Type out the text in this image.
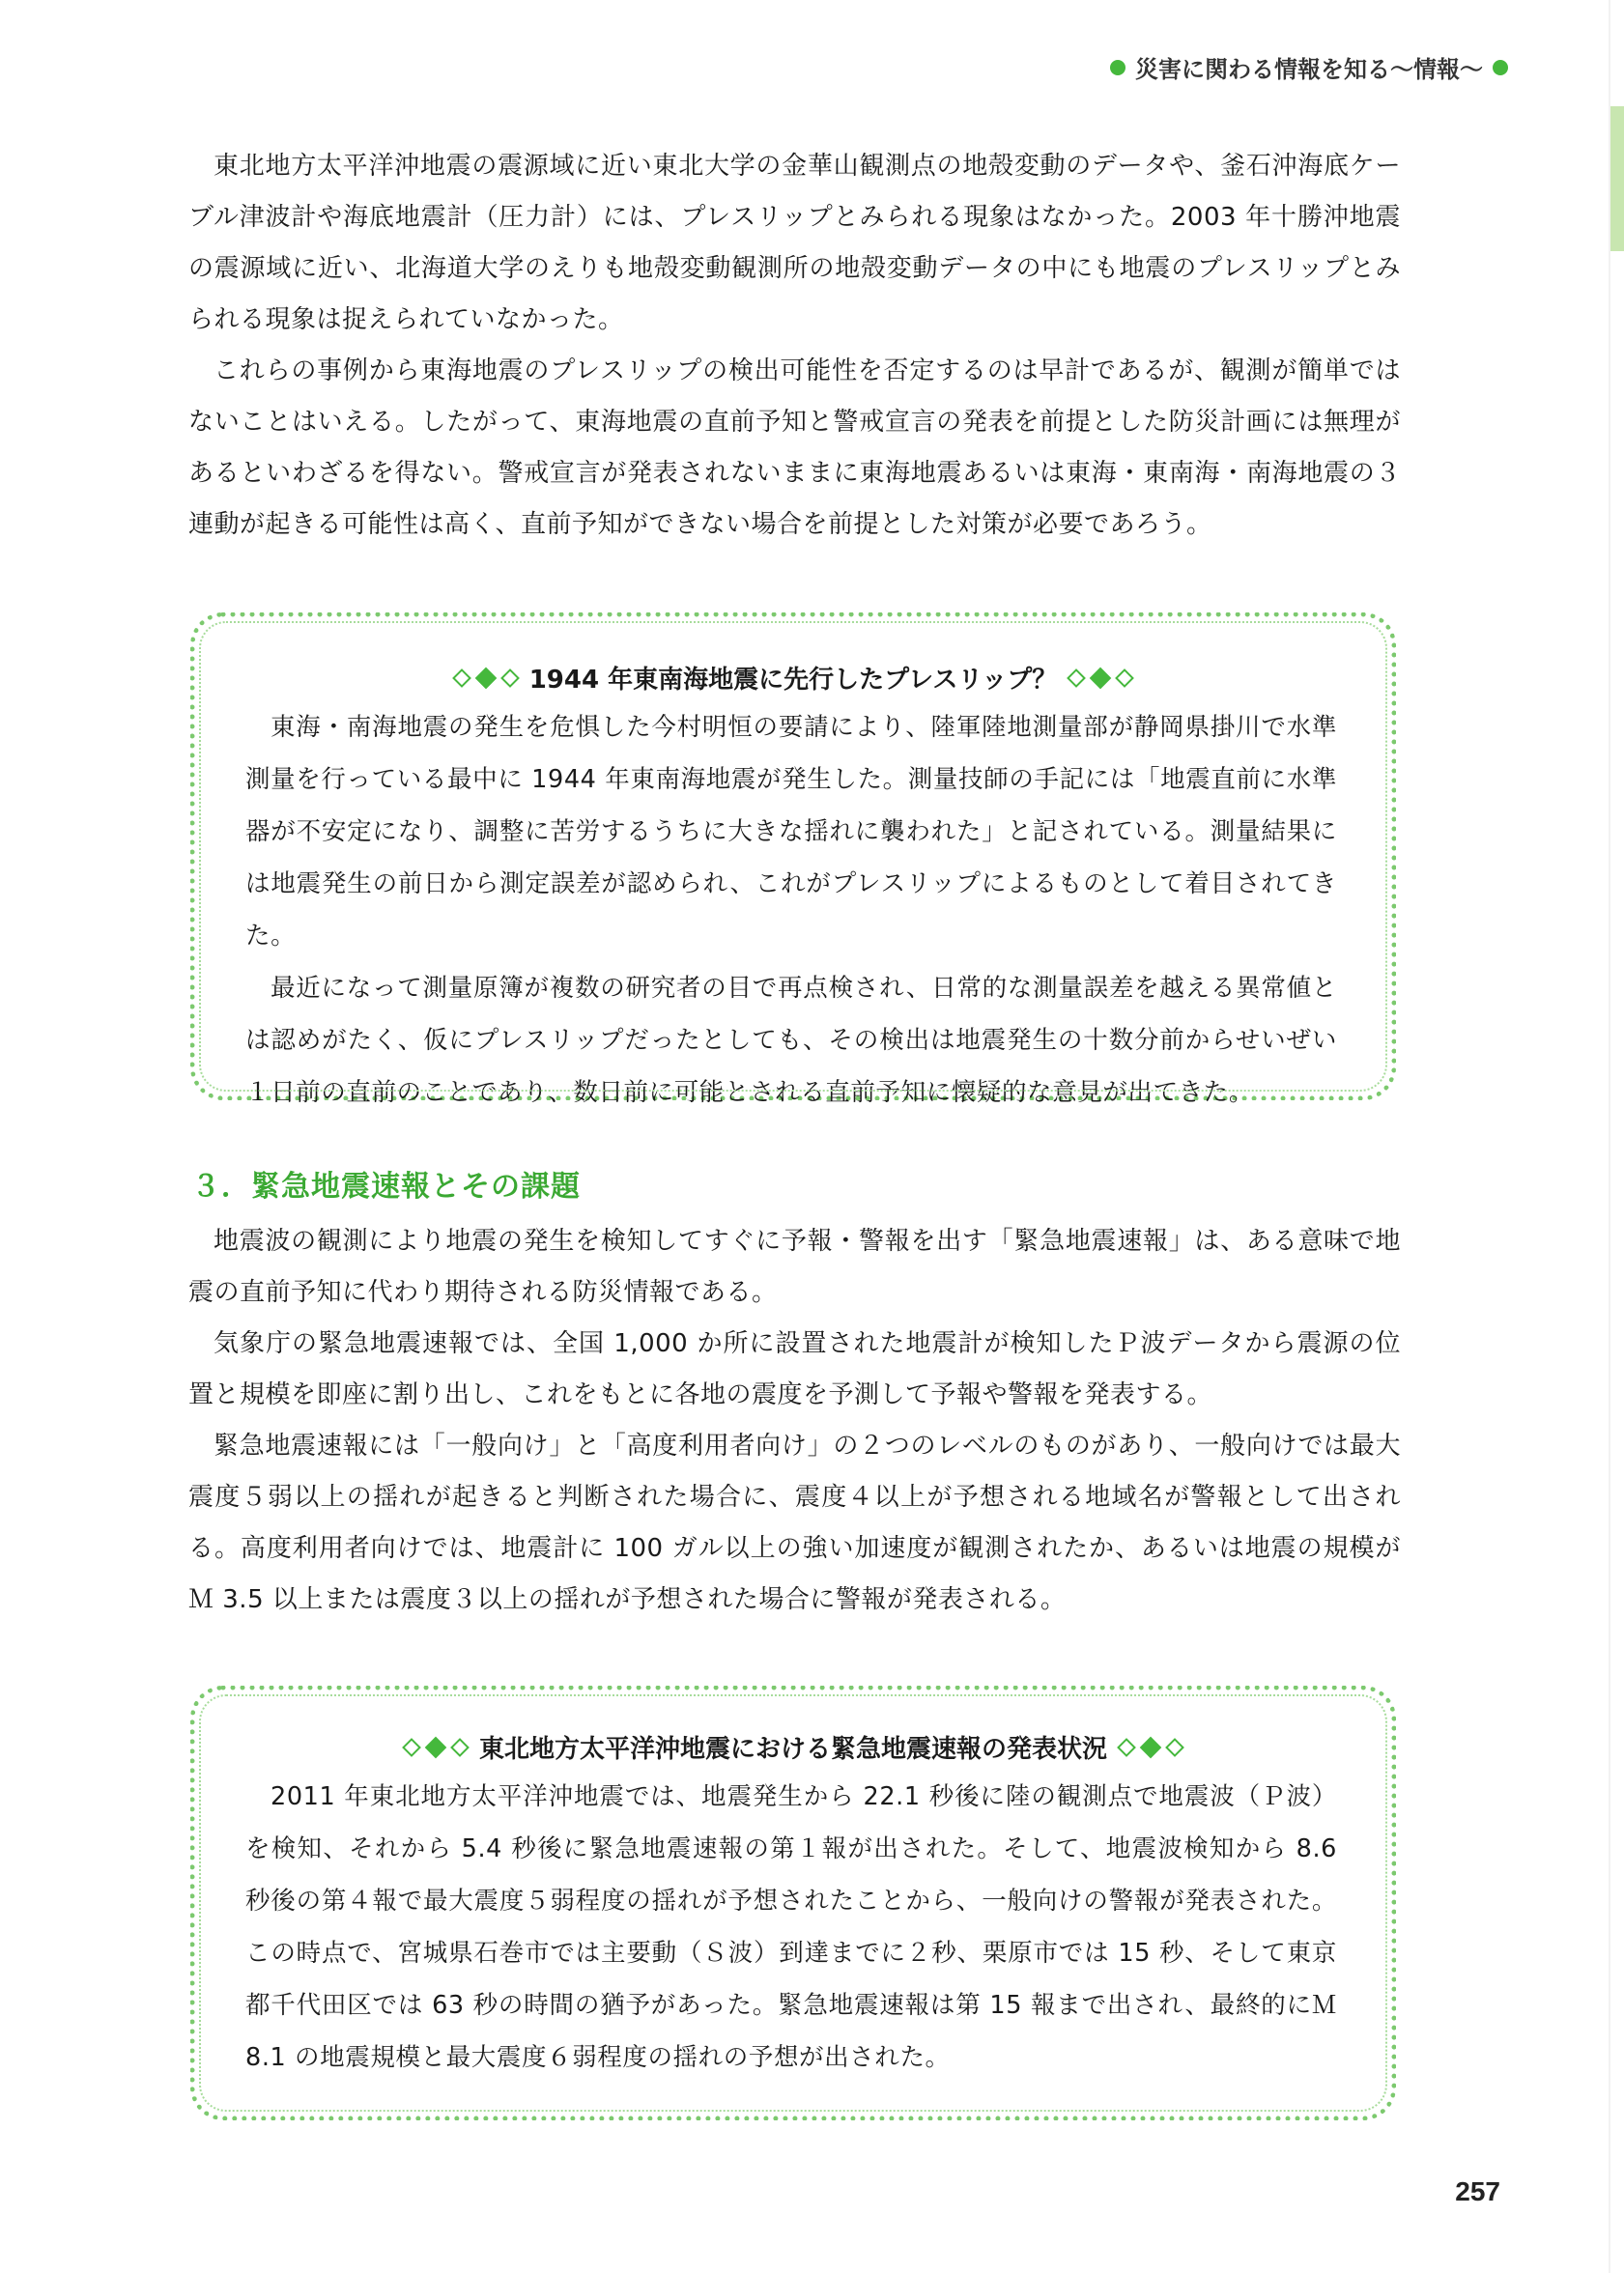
災害に関わる情報を知る〜情報〜

東北地方太平洋沖地震の震源域に近い東北大学の金華山観測点の地殻変動のデータや、釜石沖海底ケーブル津波計や海底地震計（圧力計）には、プレスリップとみられる現象はなかった。2003 年十勝沖地震の震源域に近い、北海道大学のえりも地殻変動観測所の地殻変動データの中にも地震のプレスリップとみられる現象は捉えられていなかった。

これらの事例から東海地震のプレスリップの検出可能性を否定するのは早計であるが、観測が簡単ではないことはいえる。したがって、東海地震の直前予知と警戒宣言の発表を前提とした防災計画には無理があるといわざるを得ない。警戒宣言が発表されないままに東海地震あるいは東海・東南海・南海地震の３連動が起きる可能性は高く、直前予知ができない場合を前提とした対策が必要であろう。

1944 年東南海地震に先行したプレスリップ？

東海・南海地震の発生を危惧した今村明恒の要請により、陸軍陸地測量部が静岡県掛川で水準測量を行っている最中に 1944 年東南海地震が発生した。測量技師の手記には「地震直前に水準器が不安定になり、調整に苦労するうちに大きな揺れに襲われた」と記されている。測量結果には地震発生の前日から測定誤差が認められ、これがプレスリップによるものとして着目されてきた。

最近になって測量原簿が複数の研究者の目で再点検され、日常的な測量誤差を越える異常値とは認めがたく、仮にプレスリップだったとしても、その検出は地震発生の十数分前からせいぜい１日前の直前のことであり、数日前に可能とされる直前予知に懐疑的な意見が出てきた。

３．緊急地震速報とその課題

地震波の観測により地震の発生を検知してすぐに予報・警報を出す「緊急地震速報」は、ある意味で地震の直前予知に代わり期待される防災情報である。

気象庁の緊急地震速報では、全国 1,000 か所に設置された地震計が検知したＰ波データから震源の位置と規模を即座に割り出し、これをもとに各地の震度を予測して予報や警報を発表する。

緊急地震速報には「一般向け」と「高度利用者向け」の２つのレベルのものがあり、一般向けでは最大震度５弱以上の揺れが起きると判断された場合に、震度４以上が予想される地域名が警報として出される。高度利用者向けでは、地震計に 100 ガル以上の強い加速度が観測されたか、あるいは地震の規模がＭ 3.5 以上または震度３以上の揺れが予想された場合に警報が発表される。

東北地方太平洋沖地震における緊急地震速報の発表状況

2011 年東北地方太平洋沖地震では、地震発生から 22.1 秒後に陸の観測点で地震波（Ｐ波）を検知、それから 5.4 秒後に緊急地震速報の第１報が出された。そして、地震波検知から 8.6 秒後の第４報で最大震度５弱程度の揺れが予想されたことから、一般向けの警報が発表された。この時点で、宮城県石巻市では主要動（Ｓ波）到達までに２秒、栗原市では 15 秒、そして東京都千代田区では 63 秒の時間の猶予があった。緊急地震速報は第 15 報まで出され、最終的にＭ 8.1 の地震規模と最大震度６弱程度の揺れの予想が出された。

257
